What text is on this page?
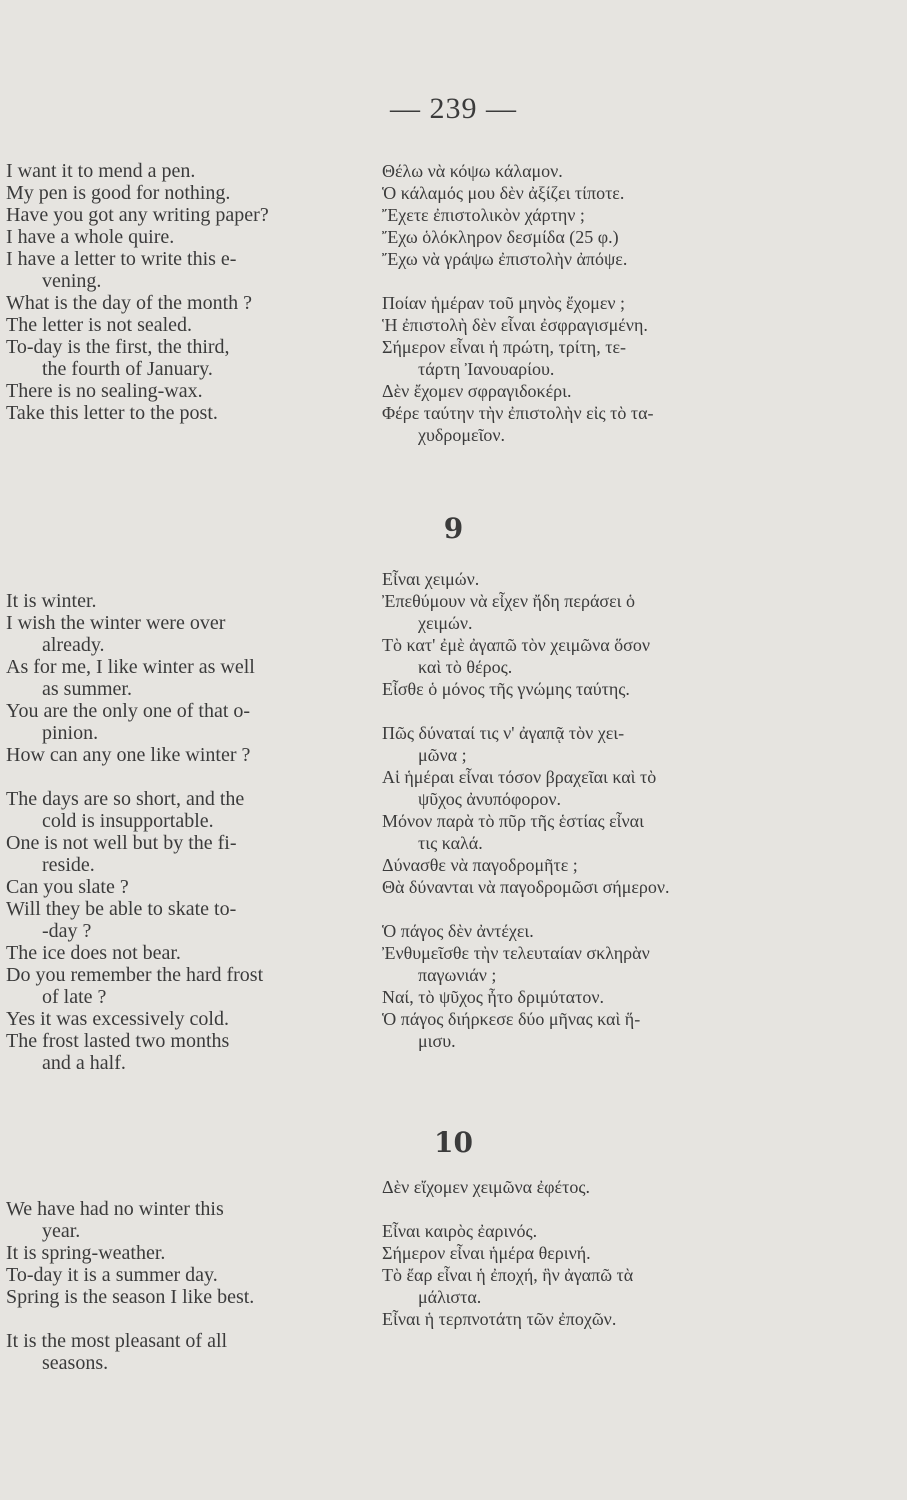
— 239 —

I want it to mend a pen.

My pen is good for nothing.

Have you got any writing paper?

I have a whole quire.

I have a letter to write this e-

vening.

What is the day of the month ?

The letter is not sealed.

To-day is the first, the third,

the fourth of January.

There is no sealing-wax.

Take this letter to the post.

Θέλω νὰ κόψω κάλαμον.

Ὁ κάλαμός μου δὲν ἀξίζει τίποτε.

Ἔχετε ἐπιστολικὸν χάρτην ;

Ἔχω ὁλόκληρον δεσμίδα (25 φ.)

Ἔχω νὰ γράψω ἐπιστολὴν ἀπόψε.

Ποίαν ἡμέραν τοῦ μηνὸς ἔχομεν ;

Ἡ ἐπιστολὴ δὲν εἶναι ἐσφραγισμένη.

Σήμερον εἶναι ἡ πρώτη, τρίτη, τε-

τάρτη Ἰανουαρίου.

Δὲν ἔχομεν σφραγιδοκέρι.

Φέρε ταύτην τὴν ἐπιστολὴν εἰς τὸ τα-

χυδρομεῖον.

9

It is winter.

I wish the winter were over

already.

As for me, I like winter as well

as summer.

You are the only one of that o-

pinion.

How can any one like winter ?

The days are so short, and the

cold is insupportable.

One is not well but by the fi-

reside.

Can you slate ?

Will they be able to skate to-

-day ?

The ice does not bear.

Do you remember the hard frost

of late ?

Yes it was excessively cold.

The frost lasted two months

and a half.

Εἶναι χειμών.

Ἐπεθύμουν νὰ εἶχεν ἤδη περάσει ὁ

χειμών.

Τὸ κατ' ἐμὲ ἀγαπῶ τὸν χειμῶνα ὅσον

καὶ τὸ θέρος.

Εἶσθε ὁ μόνος τῆς γνώμης ταύτης.

Πῶς δύναταί τις ν' ἀγαπᾷ τὸν χει-

μῶνα ;

Αἱ ἡμέραι εἶναι τόσον βραχεῖαι καὶ τὸ

ψῦχος ἀνυπόφορον.

Μόνον παρὰ τὸ πῦρ τῆς ἑστίας εἶναι

τις καλά.

Δύνασθε νὰ παγοδρομῆτε ;

Θὰ δύνανται νὰ παγοδρομῶσι σήμερον.

Ὁ πάγος δὲν ἀντέχει.

Ἐνθυμεῖσθε τὴν τελευταίαν σκληρὰν

παγωνιάν ;

Ναί, τὸ ψῦχος ἦτο δριμύτατον.

Ὁ πάγος διήρκεσε δύο μῆνας καὶ ἥ-

μισυ.

10

We have had no winter this

year.

It is spring-weather.

To-day it is a summer day.

Spring is the season I like best.

It is the most pleasant of all

seasons.

Δὲν εἴχομεν χειμῶνα ἐφέτος.

Εἶναι καιρὸς ἐαρινός.

Σήμερον εἶναι ἡμέρα θερινή.

Τὸ ἔαρ εἶναι ἡ ἐποχή, ἣν ἀγαπῶ τὰ

μάλιστα.

Εἶναι ἡ τερπνοτάτη τῶν ἐποχῶν.
